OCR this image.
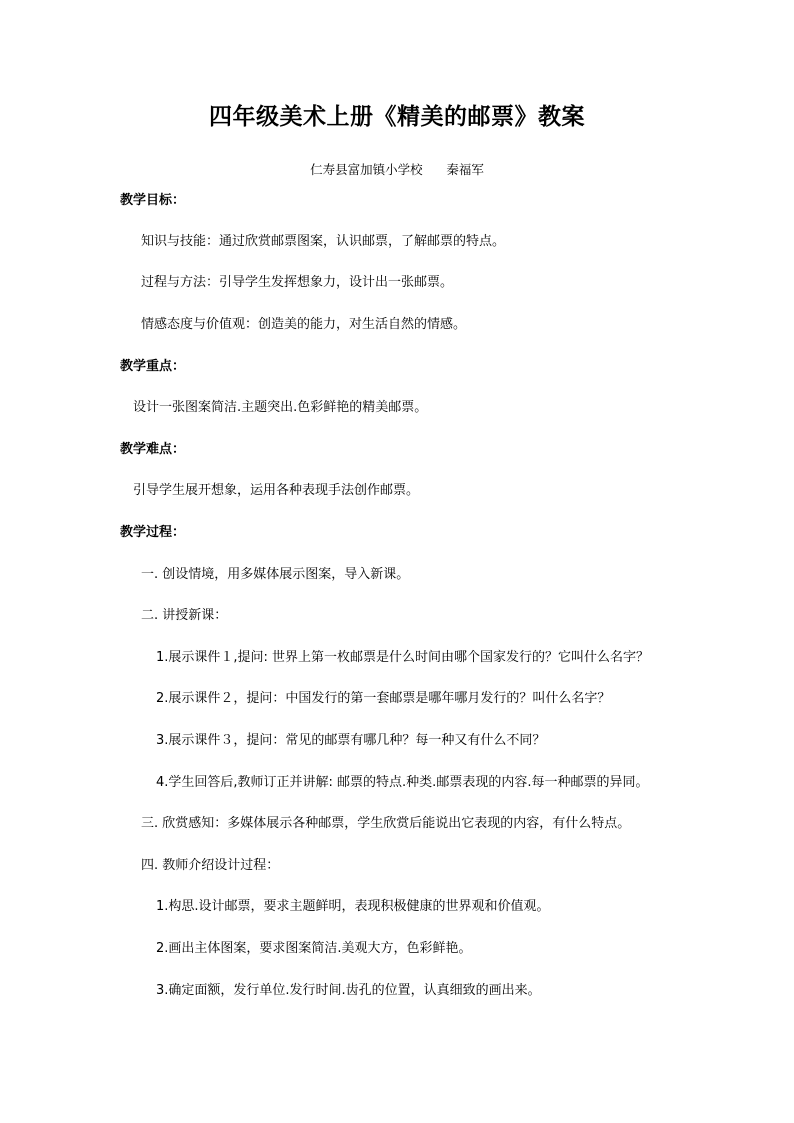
四年级美术上册《精美的邮票》教案
仁寿县富加镇小学校      秦福军
教学目标：
知识与技能：通过欣赏邮票图案，认识邮票，了解邮票的特点。
过程与方法：引导学生发挥想象力，设计出一张邮票。
情感态度与价值观：创造美的能力，对生活自然的情感。
教学重点：
设计一张图案简洁.主题突出.色彩鲜艳的精美邮票。
教学难点：
引导学生展开想象，运用各种表现手法创作邮票。
教学过程：
一. 创设情境，用多媒体展示图案，导入新课。
二. 讲授新课：
1.展示课件１,提问: 世界上第一枚邮票是什么时间由哪个国家发行的？它叫什么名字？
2.展示课件２，提问：中国发行的第一套邮票是哪年哪月发行的？叫什么名字？
3.展示课件３，提问：常见的邮票有哪几种？每一种又有什么不同？
4.学生回答后,教师订正并讲解: 邮票的特点.种类.邮票表现的内容.每一种邮票的异同。
三. 欣赏感知：多媒体展示各种邮票，学生欣赏后能说出它表现的内容，有什么特点。
四. 教师介绍设计过程：
1.构思.设计邮票，要求主题鲜明，表现积极健康的世界观和价值观。
2.画出主体图案，要求图案简洁.美观大方，色彩鲜艳。
3.确定面额，发行单位.发行时间.齿孔的位置，认真细致的画出来。
